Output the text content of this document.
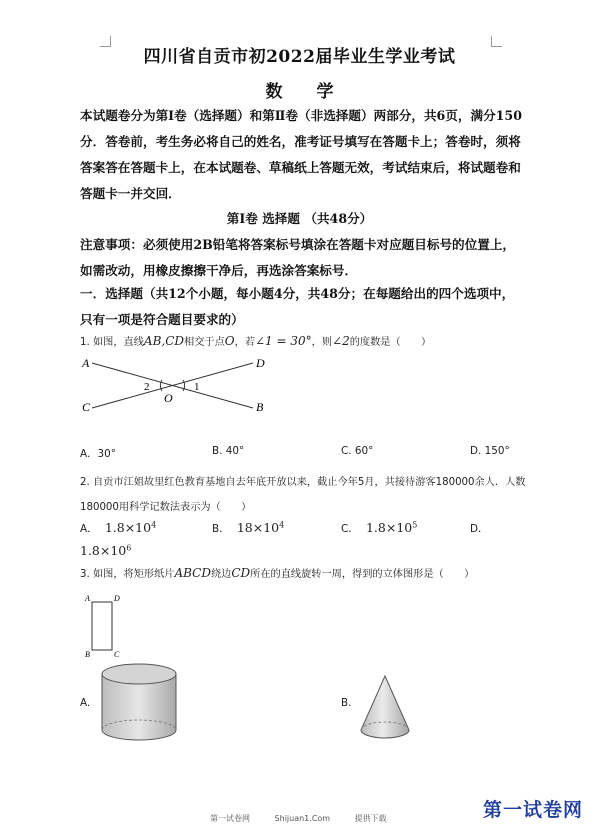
四川省自贡市初2022届毕业生学业考试
数 学
本试题卷分为第Ⅰ卷（选择题）和第Ⅱ卷（非选择题）两部分，共6页，满分150分．答卷前，考生务必将自己的姓名，准考证号填写在答题卡上；答卷时，须将答案答在答题卡上，在本试题卷、草稿纸上答题无效，考试结束后，将试题卷和答题卡一并交回．
第Ⅰ卷 选择题 （共48分）
注意事项：必须使用2B铅笔将答案标号填涂在答题卡对应题目标号的位置上，如需改动，用橡皮擦擦干净后，再选涂答案标号．
一．选择题（共12个小题，每小题4分，共48分；在每题给出的四个选项中，只有一项是符合题目要求的）
1. 如图，直线AB,CD相交于点O，若∠1 = 30°，则∠2的度数是（　　）
A	D
C	B
O
1
2
A．30°	B. 40°	C. 60°	D. 150°
2. 自贡市江姐故里红色教育基地自去年底开放以来，截止今年5月，共接待游客180000余人．人数180000用科学记数法表示为（　　）
A． $1.8\times 10^4$	B． $18\times 10^4$	C． $1.8\times 10^5$	D．
$1.8\times 10^6$
3. 如图，将矩形纸片ABCD绕边CD所在的直线旋转一周，得到的立体图形是（　　）
A	D
B	C
A.	B.
第一试卷网	Shijuan1.Com	提供下载	第一试卷网
